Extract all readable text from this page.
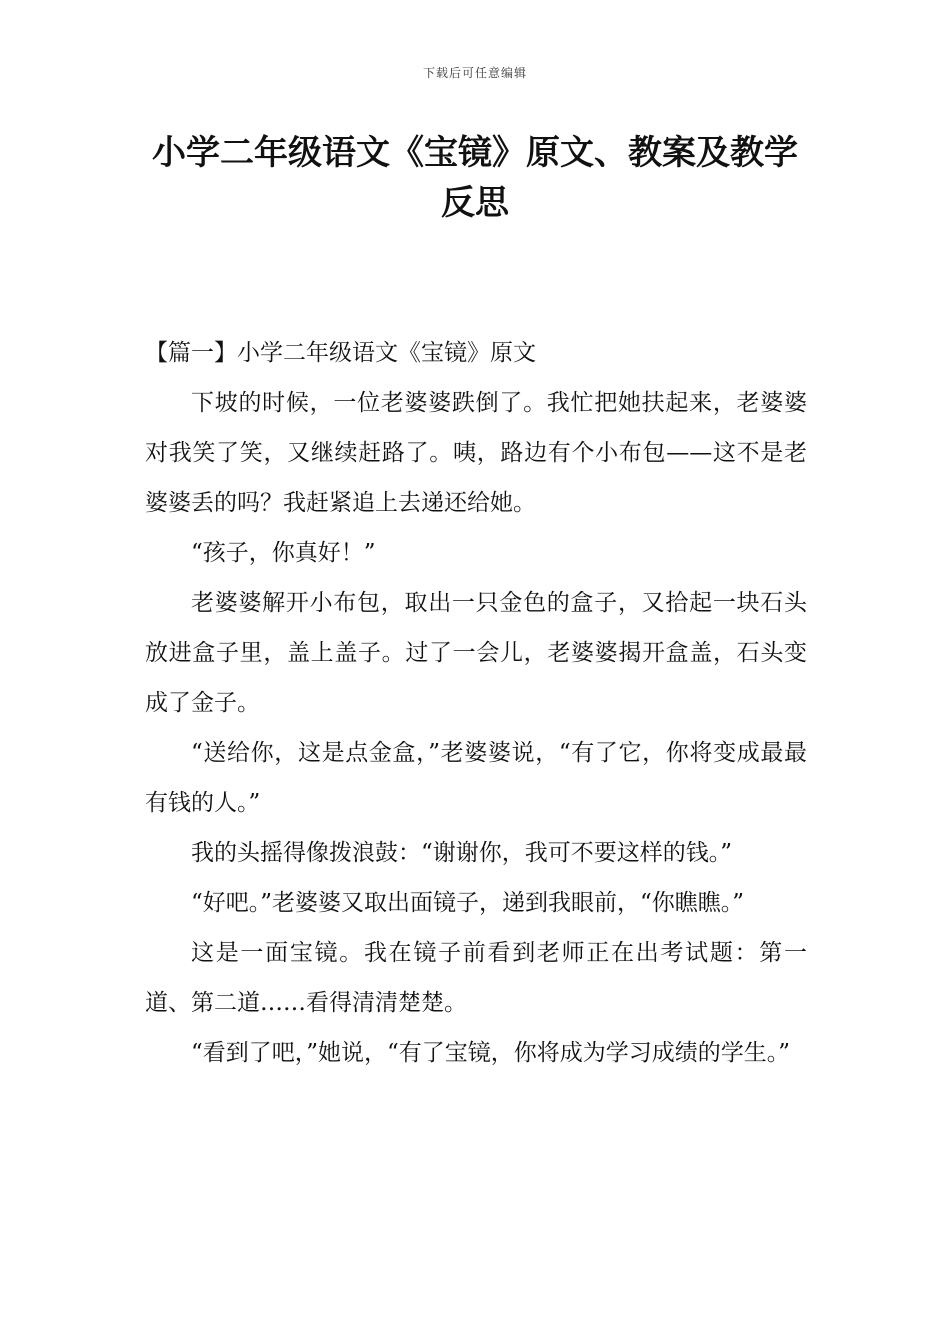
下载后可任意编辑
小学二年级语文《宝镜》原文、教案及教学反思

【篇一】小学二年级语文《宝镜》原文

下坡的时候，一位老婆婆跌倒了。我忙把她扶起来，老婆婆对我笑了笑，又继续赶路了。咦，路边有个小布包——这不是老婆婆丢的吗？我赶紧追上去递还给她。

“孩子，你真好！”

老婆婆解开小布包，取出一只金色的盒子，又拾起一块石头放进盒子里，盖上盖子。过了一会儿，老婆婆揭开盒盖，石头变成了金子。

“送给你，这是点金盒，”老婆婆说，“有了它，你将变成最最有钱的人。”

我的头摇得像拨浪鼓：“谢谢你，我可不要这样的钱。”

“好吧。”老婆婆又取出面镜子，递到我眼前，“你瞧瞧。”

这是一面宝镜。我在镜子前看到老师正在出考试题：第一道、第二道……看得清清楚楚。

“看到了吧，”她说，“有了宝镜，你将成为学习成绩的学生。”
